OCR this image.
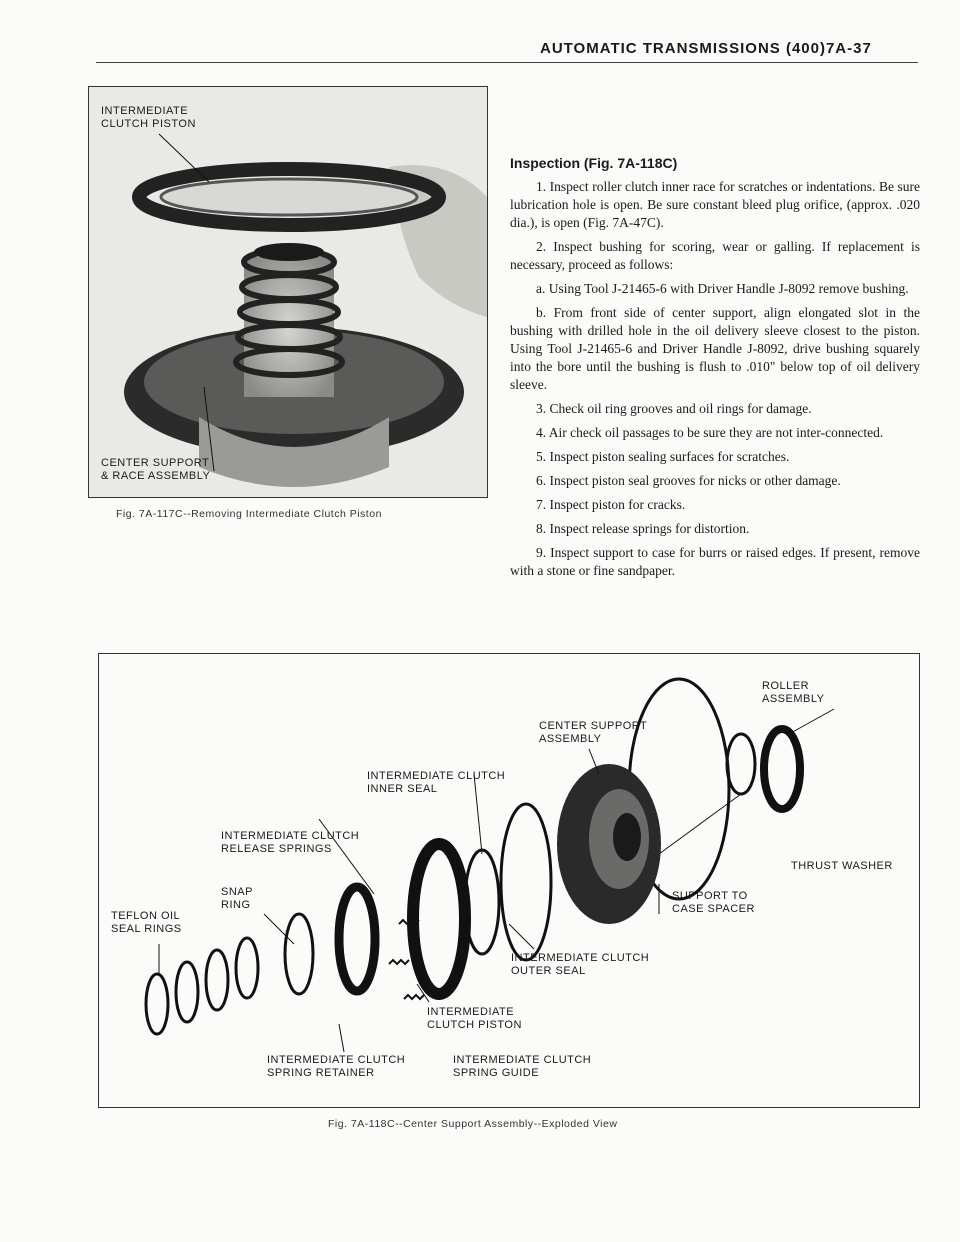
AUTOMATIC TRANSMISSIONS (400)7A-37
INTERMEDIATE
CLUTCH PISTON
CENTER SUPPORT
& RACE ASSEMBLY
Fig. 7A-117C--Removing Intermediate Clutch Piston
Inspection (Fig. 7A-118C)

1. Inspect roller clutch inner race for scratches or indentations. Be sure lubrication hole is open. Be sure constant bleed plug orifice, (approx. .020 dia.), is open (Fig. 7A-47C).

2. Inspect bushing for scoring, wear or galling. If replacement is necessary, proceed as follows:

a. Using Tool J-21465-6 with Driver Handle J-8092 remove bushing.

b. From front side of center support, align elongated slot in the bushing with drilled hole in the oil delivery sleeve closest to the piston. Using Tool J-21465-6 and Driver Handle J-8092, drive bushing squarely into the bore until the bushing is flush to .010" below top of oil delivery sleeve.

3. Check oil ring grooves and oil rings for damage.

4. Air check oil passages to be sure they are not inter-connected.

5. Inspect piston sealing surfaces for scratches.

6. Inspect piston seal grooves for nicks or other damage.

7. Inspect piston for cracks.

8. Inspect release springs for distortion.

9. Inspect support to case for burrs or raised edges. If present, remove with a stone or fine sandpaper.

ROLLER
ASSEMBLY
CENTER SUPPORT
ASSEMBLY
INTERMEDIATE CLUTCH
INNER SEAL
INTERMEDIATE CLUTCH
RELEASE SPRINGS
SNAP
RING
TEFLON OIL
SEAL RINGS
THRUST WASHER
SUPPORT TO
CASE SPACER
INTERMEDIATE CLUTCH
OUTER SEAL
INTERMEDIATE
CLUTCH PISTON
INTERMEDIATE CLUTCH
SPRING RETAINER
INTERMEDIATE CLUTCH
SPRING GUIDE
Fig. 7A-118C--Center Support Assembly--Exploded View
